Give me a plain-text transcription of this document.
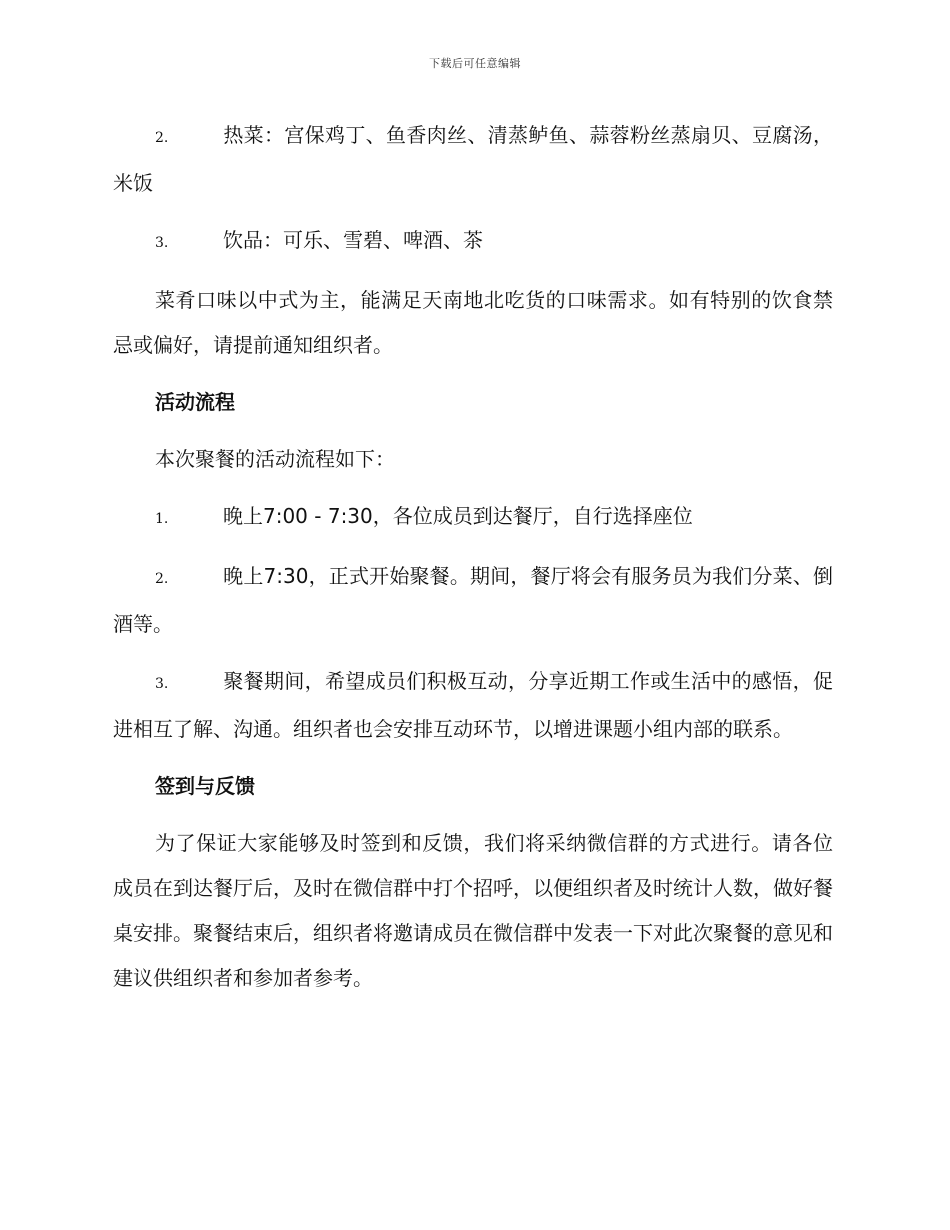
下载后可任意编辑

2.	热菜：宫保鸡丁、鱼香肉丝、清蒸鲈鱼、蒜蓉粉丝蒸扇贝、豆腐汤，米饭

3.	饮品：可乐、雪碧、啤酒、茶

菜肴口味以中式为主，能满足天南地北吃货的口味需求。如有特别的饮食禁忌或偏好，请提前通知组织者。

活动流程

本次聚餐的活动流程如下：

1.	晚上7:00 - 7:30，各位成员到达餐厅，自行选择座位

2.	晚上7:30，正式开始聚餐。期间，餐厅将会有服务员为我们分菜、倒酒等。

3.	聚餐期间，希望成员们积极互动，分享近期工作或生活中的感悟，促进相互了解、沟通。组织者也会安排互动环节，以增进课题小组内部的联系。

签到与反馈

为了保证大家能够及时签到和反馈，我们将采纳微信群的方式进行。请各位成员在到达餐厅后，及时在微信群中打个招呼，以便组织者及时统计人数，做好餐桌安排。聚餐结束后，组织者将邀请成员在微信群中发表一下对此次聚餐的意见和建议供组织者和参加者参考。
